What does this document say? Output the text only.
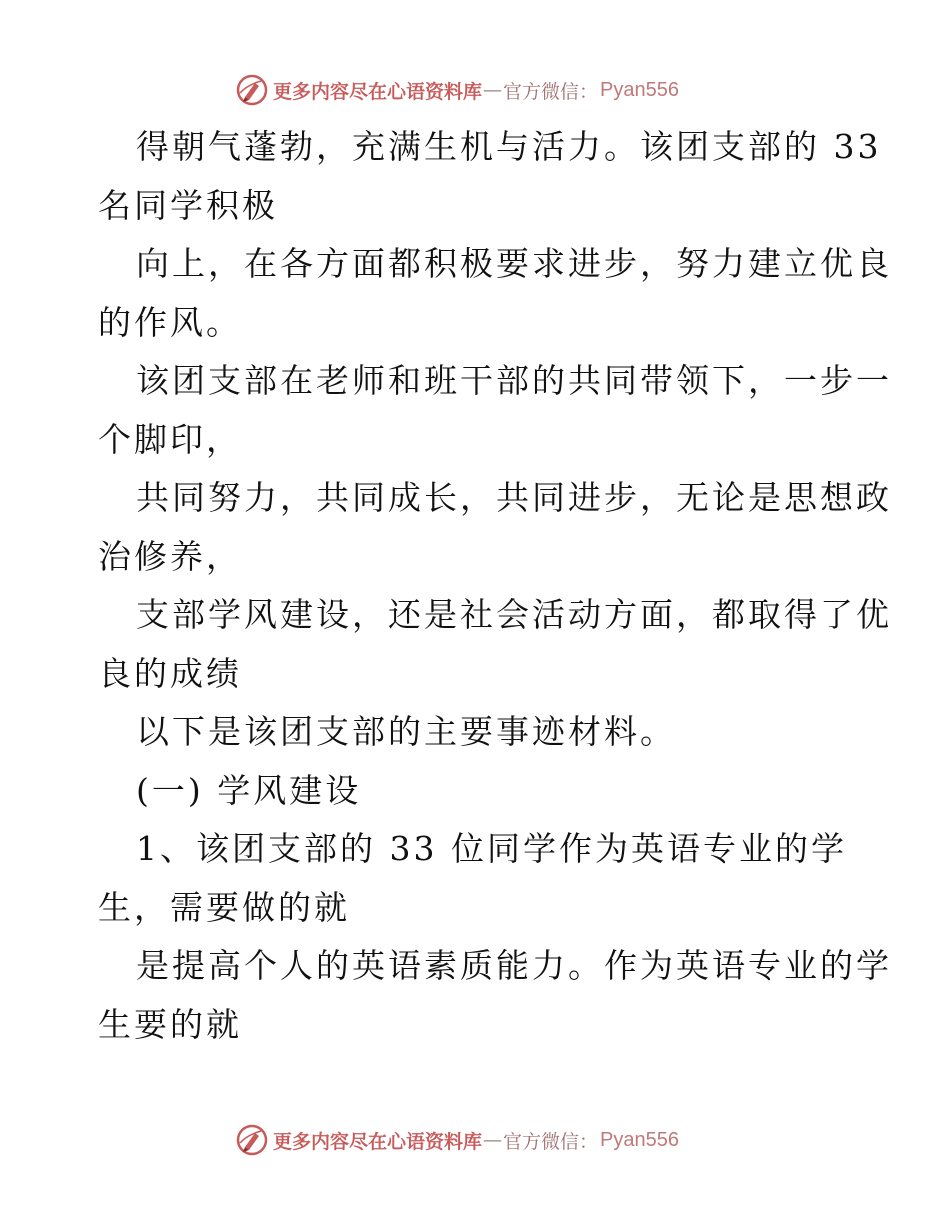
更多内容尽在心语资料库 — 官方微信： Pyan556
得朝气蓬勃，充满生机与活力。该团支部的 33
名同学积极
向上，在各方面都积极要求进步，努力建立优良
的作风。
该团支部在老师和班干部的共同带领下，一步一
个脚印，
共同努力，共同成长，共同进步，无论是思想政
治修养，
支部学风建设，还是社会活动方面，都取得了优
良的成绩
以下是该团支部的主要事迹材料。
(一) 学风建设
1、该团支部的 33 位同学作为英语专业的学
生，需要做的就
是提高个人的英语素质能力。作为英语专业的学
生要的就
更多内容尽在心语资料库 — 官方微信： Pyan556
